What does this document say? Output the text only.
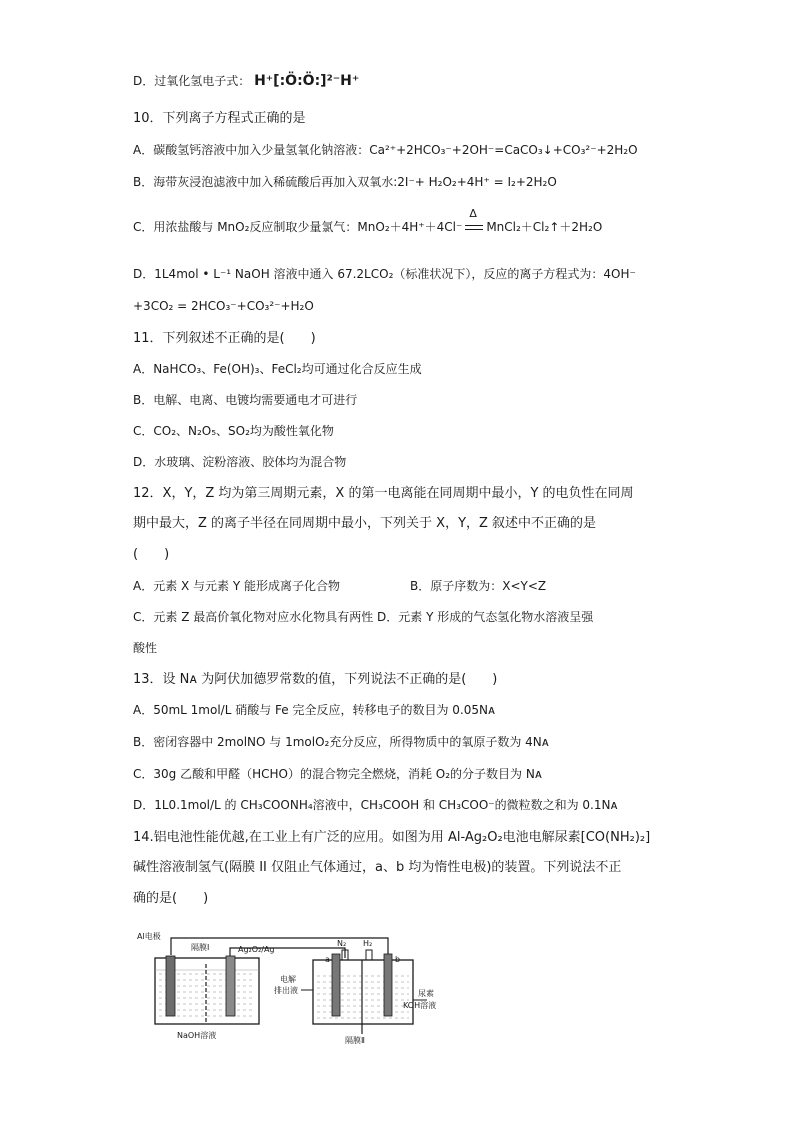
D．过氧化氢电子式： H⁺[:Ö:Ö:]²⁻H⁺
10．下列离子方程式正确的是
A．碳酸氢钙溶液中加入少量氢氧化钠溶液：Ca²⁺+2HCO₃⁻+2OH⁻=CaCO₃↓+CO₃²⁻+2H₂O
B．海带灰浸泡滤液中加入稀硫酸后再加入双氧水:2I⁻+ H₂O₂+4H⁺ = I₂+2H₂O
C．用浓盐酸与 MnO₂反应制取少量氯气：MnO₂＋4H⁺＋4Cl⁻
Δ
MnCl₂＋Cl₂↑＋2H₂O
D．1L4mol • L⁻¹ NaOH 溶液中通入 67.2LCO₂（标准状况下），反应的离子方程式为：4OH⁻
+3CO₂ = 2HCO₃⁻+CO₃²⁻+H₂O
11．下列叙述不正确的是(　　)
A．NaHCO₃、Fe(OH)₃、FeCl₂均可通过化合反应生成
B．电解、电离、电镀均需要通电才可进行
C．CO₂、N₂O₅、SO₂均为酸性氧化物
D．水玻璃、淀粉溶液、胶体均为混合物
12．X，Y，Z 均为第三周期元素，X 的第一电离能在同周期中最小，Y 的电负性在同周
期中最大，Z 的离子半径在同周期中最小，下列关于 X，Y，Z 叙述中不正确的是
(　　)
A．元素 X 与元素 Y 能形成离子化合物	B．原子序数为：X<Y<Z
C．元素 Z 最高价氧化物对应水化物具有两性 D．元素 Y 形成的气态氢化物水溶液呈强
酸性
13．设 Nᴀ 为阿伏加德罗常数的值，下列说法不正确的是(　　)
A．50mL 1mol/L 硝酸与 Fe 完全反应，转移电子的数目为 0.05Nᴀ
B．密闭容器中 2molNO 与 1molO₂充分反应，所得物质中的氧原子数为 4Nᴀ
C．30g 乙酸和甲醛（HCHO）的混合物完全燃烧，消耗 O₂的分子数目为 Nᴀ
D．1L0.1mol/L 的 CH₃COONH₄溶液中，CH₃COOH 和 CH₃COO⁻的微粒数之和为 0.1Nᴀ
14.铝电池性能优越,在工业上有广泛的应用。如图为用 Al-Ag₂O₂电池电解尿素[CO(NH₂)₂]
碱性溶液制氢气(隔膜 II 仅阻止气体通过，a、b 均为惰性电极)的装置。下列说法不正
确的是(　　)
Al电极
隔膜Ⅰ	Ag₂O₂/Ag
N₂ H₂
a	b
电解
排出液
NaOH溶液
隔膜Ⅱ
尿素
KOH溶液
